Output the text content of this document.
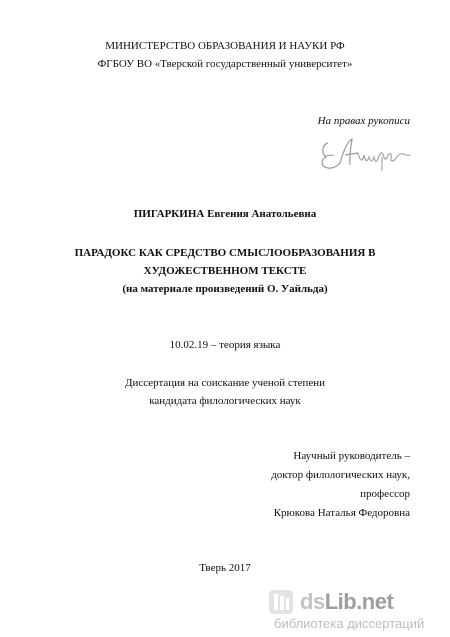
МИНИСТЕРСТВО ОБРАЗОВАНИЯ И НАУКИ РФ
ФГБОУ ВО «Тверской государственный университет»
На правах рукописи
ПИГАРКИНА Евгения Анатольевна
ПАРАДОКС КАК СРЕДСТВО СМЫСЛООБРАЗОВАНИЯ В
ХУДОЖЕСТВЕННОМ ТЕКСТЕ
(на материале произведений О. Уайльда)
10.02.19 – теория языка
Диссертация на соискание ученой степени
кандидата филологических наук
Научный руководитель –
доктор филологических наук,
профессор
Крюкова Наталья Федоровна
Тверь 2017
dsLib.net
библиотека диссертаций
